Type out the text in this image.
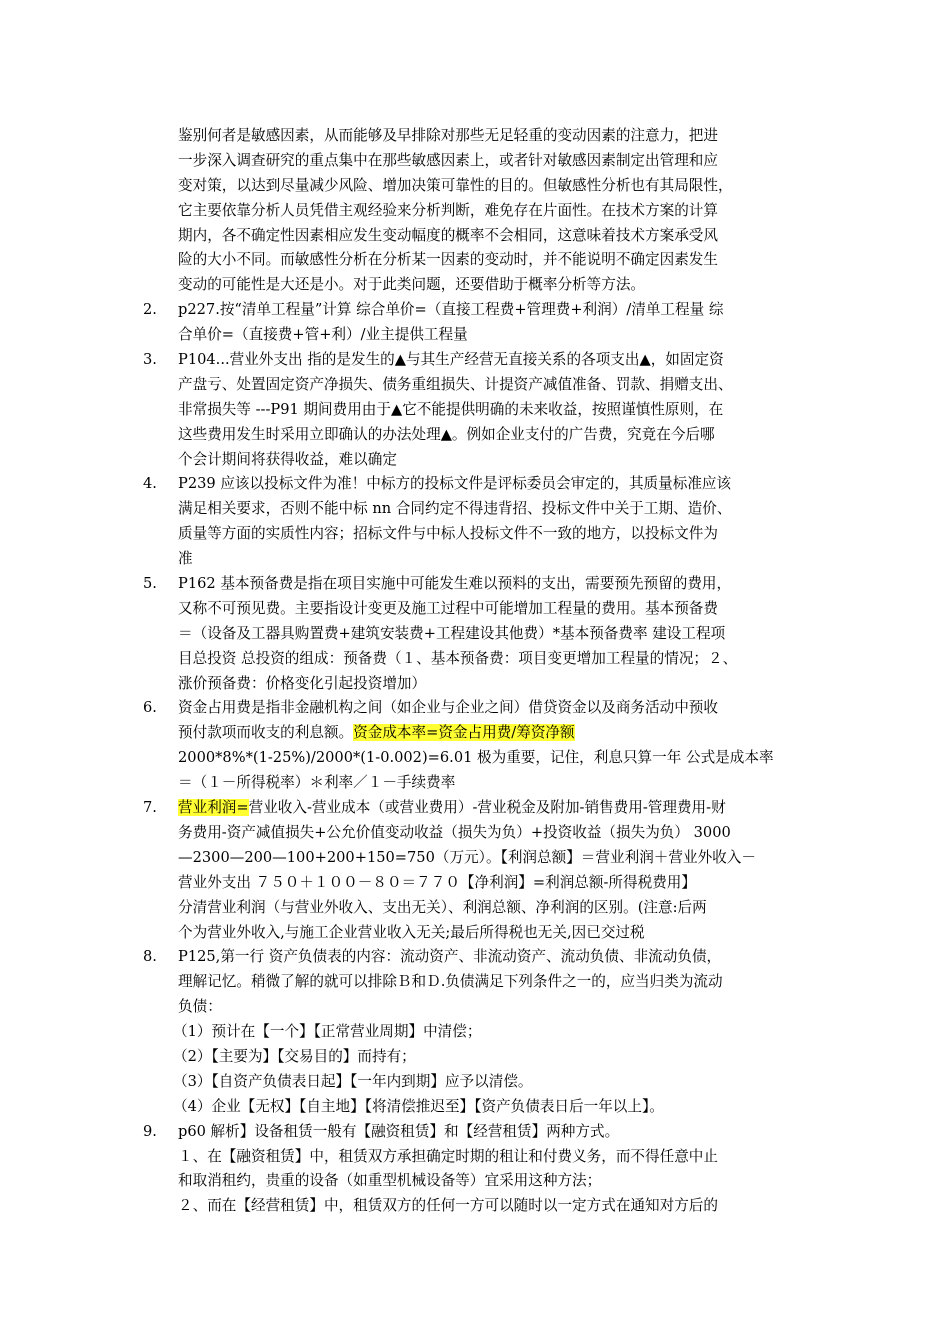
鉴别何者是敏感因素，从而能够及早排除对那些无足轻重的变动因素的注意力，把进
一步深入调查研究的重点集中在那些敏感因素上，或者针对敏感因素制定出管理和应
变对策，以达到尽量减少风险、增加决策可靠性的目的。但敏感性分析也有其局限性，
它主要依靠分析人员凭借主观经验来分析判断，难免存在片面性。在技术方案的计算
期内，各不确定性因素相应发生变动幅度的概率不会相同，这意味着技术方案承受风
险的大小不同。而敏感性分析在分析某一因素的变动时，并不能说明不确定因素发生
变动的可能性是大还是小。对于此类问题，还要借助于概率分析等方法。
2. p227.按“清单工程量”计算 综合单价=（直接工程费+管理费+利润）/清单工程量 综
合单价=（直接费+管+利）/业主提供工程量
3. P104...营业外支出 指的是发生的▲与其生产经营无直接关系的各项支出▲，如固定资
产盘亏、处置固定资产净损失、债务重组损失、计提资产减值准备、罚款、捐赠支出、
非常损失等 ---P91 期间费用由于▲它不能提供明确的未来收益，按照谨慎性原则，在
这些费用发生时采用立即确认的办法处理▲。例如企业支付的广告费，究竟在今后哪
个会计期间将获得收益，难以确定
4. P239 应该以投标文件为准！中标方的投标文件是评标委员会审定的，其质量标准应该
满足相关要求，否则不能中标 nn 合同约定不得违背招、投标文件中关于工期、造价、
质量等方面的实质性内容；招标文件与中标人投标文件不一致的地方，以投标文件为
准
5. P162 基本预备费是指在项目实施中可能发生难以预料的支出，需要预先预留的费用，
又称不可预见费。主要指设计变更及施工过程中可能增加工程量的费用。基本预备费
＝（设备及工器具购置费+建筑安装费+工程建设其他费）*基本预备费率 建设工程项
目总投资 总投资的组成：预备费（１、基本预备费：项目变更增加工程量的情况；２、
涨价预备费：价格变化引起投资增加）
6. 资金占用费是指非金融机构之间（如企业与企业之间）借贷资金以及商务活动中预收
预付款项而收支的利息额。资金成本率=资金占用费/筹资净额
2000*8%*(1-25%)/2000*(1-0.002)=6.01 极为重要，记住，利息只算一年 公式是成本率
＝（１－所得税率）＊利率／１－手续费率
7. 营业利润=营业收入-营业成本（或营业费用）-营业税金及附加-销售费用-管理费用-财
务费用-资产减值损失+公允价值变动收益（损失为负）+投资收益（损失为负） 3000
—2300—200—100+200+150=750（万元）。【利润总额】＝营业利润＋营业外收入－
营业外支出 ７５０＋１００－８０＝７７０【净利润】=利润总额-所得税费用】
分清营业利润（与营业外收入、支出无关）、利润总额、净利润的区别。(注意:后两
个为营业外收入,与施工企业营业收入无关;最后所得税也无关,因已交过税
8. P125,第一行 资产负债表的内容：流动资产、非流动资产、流动负债、非流动负债，
理解记忆。稍微了解的就可以排除Ｂ和Ｄ.负债满足下列条件之一的，应当归类为流动
负债：
（1）预计在【一个】【正常营业周期】中清偿；
（2）【主要为】【交易目的】而持有；
（3）【自资产负债表日起】【一年内到期】应予以清偿。
（4）企业【无权】【自主地】【将清偿推迟至】【资产负债表日后一年以上】。
9. p60 解析】设备租赁一般有【融资租赁】和【经营租赁】两种方式。
１、在【融资租赁】中，租赁双方承担确定时期的租让和付费义务，而不得任意中止
和取消租约，贵重的设备（如重型机械设备等）宜采用这种方法；
２、而在【经营租赁】中，租赁双方的任何一方可以随时以一定方式在通知对方后的
